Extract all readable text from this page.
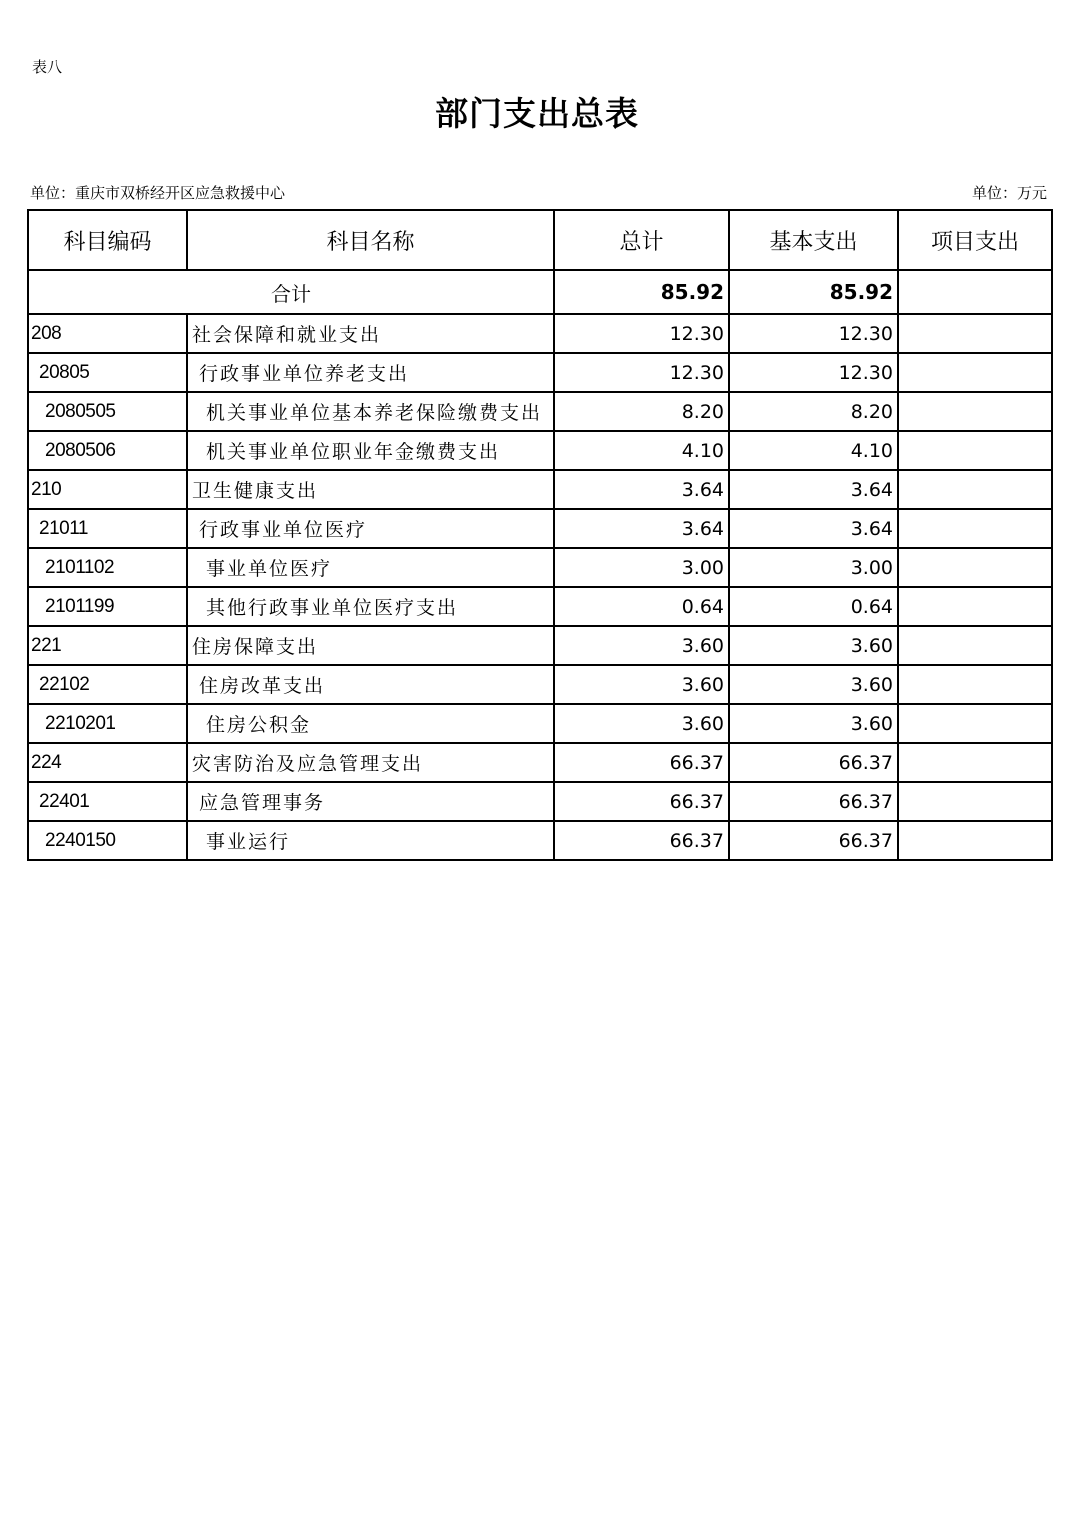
表八
部门支出总表
单位：重庆市双桥经开区应急救援中心	单位：万元
科目编码	科目名称	总计	基本支出	项目支出
合计		85.92	85.92	
208	社会保障和就业支出	12.30	12.30	
20805	行政事业单位养老支出	12.30	12.30	
2080505	机关事业单位基本养老保险缴费支出	8.20	8.20	
2080506	机关事业单位职业年金缴费支出	4.10	4.10	
210	卫生健康支出	3.64	3.64	
21011	行政事业单位医疗	3.64	3.64	
2101102	事业单位医疗	3.00	3.00	
2101199	其他行政事业单位医疗支出	0.64	0.64	
221	住房保障支出	3.60	3.60	
22102	住房改革支出	3.60	3.60	
2210201	住房公积金	3.60	3.60	
224	灾害防治及应急管理支出	66.37	66.37	
22401	应急管理事务	66.37	66.37	
2240150	事业运行	66.37	66.37	
